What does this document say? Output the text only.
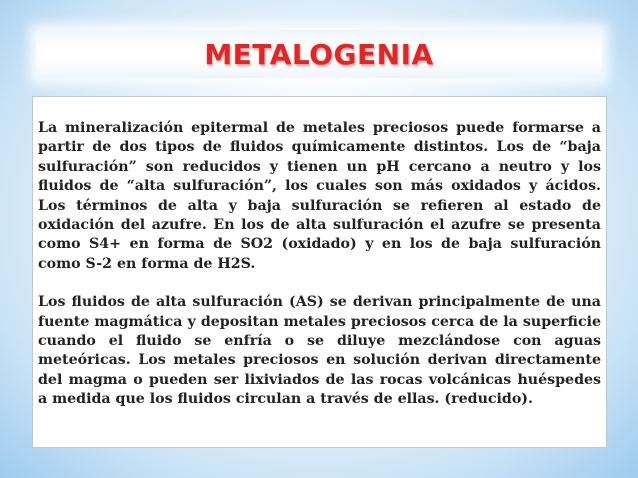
METALOGENIA

La mineralización epitermal de metales preciosos puede formarse a partir de dos tipos de fluidos químicamente distintos. Los de “baja sulfuración” son reducidos y tienen un pH cercano a neutro y los fluidos de “alta sulfuración”, los cuales son más oxidados y ácidos. Los términos de alta y baja sulfuración se refieren al estado de oxidación del azufre. En los de alta sulfuración el azufre se presenta como S4+ en forma de SO2 (oxidado) y en los de baja sulfuración como S-2 en forma de H2S.

Los fluidos de alta sulfuración (AS) se derivan principalmente de una fuente magmática y depositan metales preciosos cerca de la superficie cuando el fluido se enfría o se diluye mezclándose con aguas meteóricas. Los metales preciosos en solución derivan directamente del magma o pueden ser lixiviados de las rocas volcánicas huéspedes a medida que los fluidos circulan a través de ellas. (reducido).
